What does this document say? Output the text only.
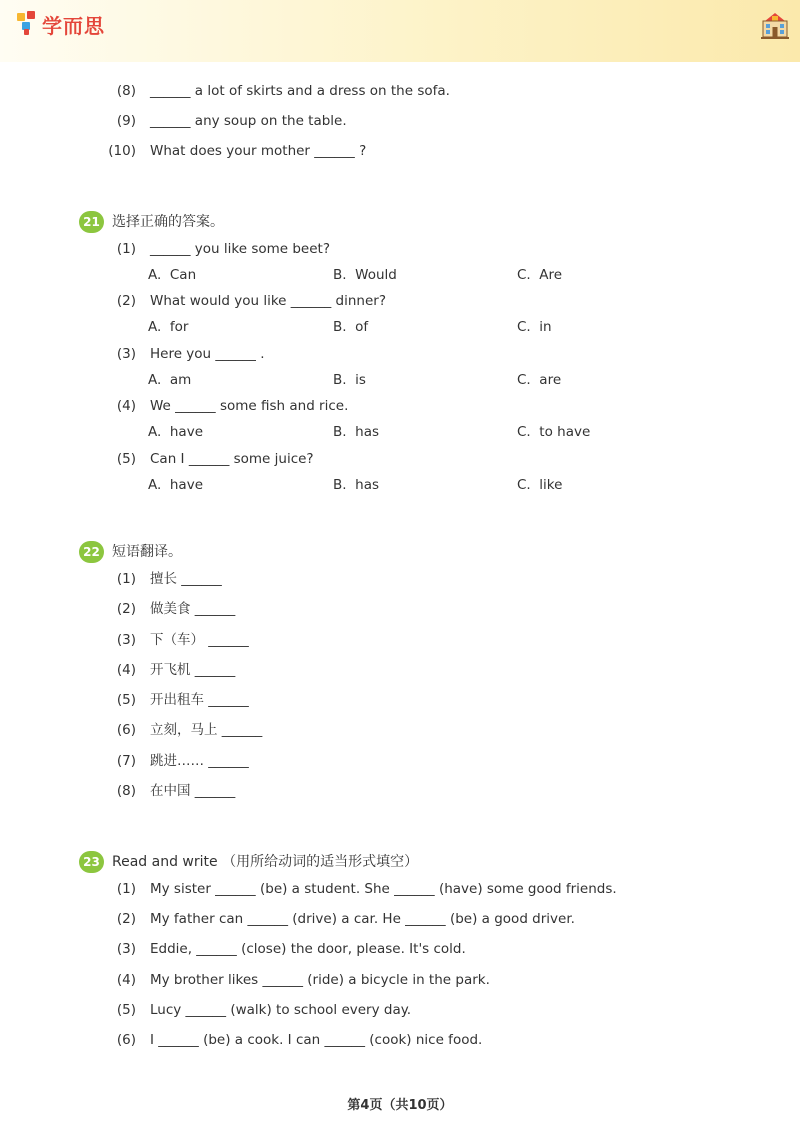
学而思
(8) ______ a lot of skirts and a dress on the sofa.
(9) ______ any soup on the table.
(10) What does your mother ______ ?
21 选择正确的答案。
(1) ______ you like some beet?
A.  Can	B.  Would	C.  Are
(2) What would you like ______ dinner?
A.  for	B.  of	C.  in
(3) Here you ______ .
A.  am	B.  is	C.  are
(4) We ______ some fish and rice.
A.  have	B.  has	C.  to have
(5) Can I ______ some juice?
A.  have	B.  has	C.  like
22 短语翻译。
(1) 擅长 ______
(2) 做美食 ______
(3) 下（车） ______
(4) 开飞机 ______
(5) 开出租车 ______
(6) 立刻，马上 ______
(7) 跳进…… ______
(8) 在中国 ______
23 Read and write （用所给动词的适当形式填空）
(1) My sister ______ (be) a student. She ______ (have) some good friends.
(2) My father can ______ (drive) a car. He ______ (be) a good driver.
(3) Eddie, ______ (close) the door, please. It's cold.
(4) My brother likes ______ (ride) a bicycle in the park.
(5) Lucy ______ (walk) to school every day.
(6) I ______ (be) a cook. I can ______ (cook) nice food.
第4页（共10页）
